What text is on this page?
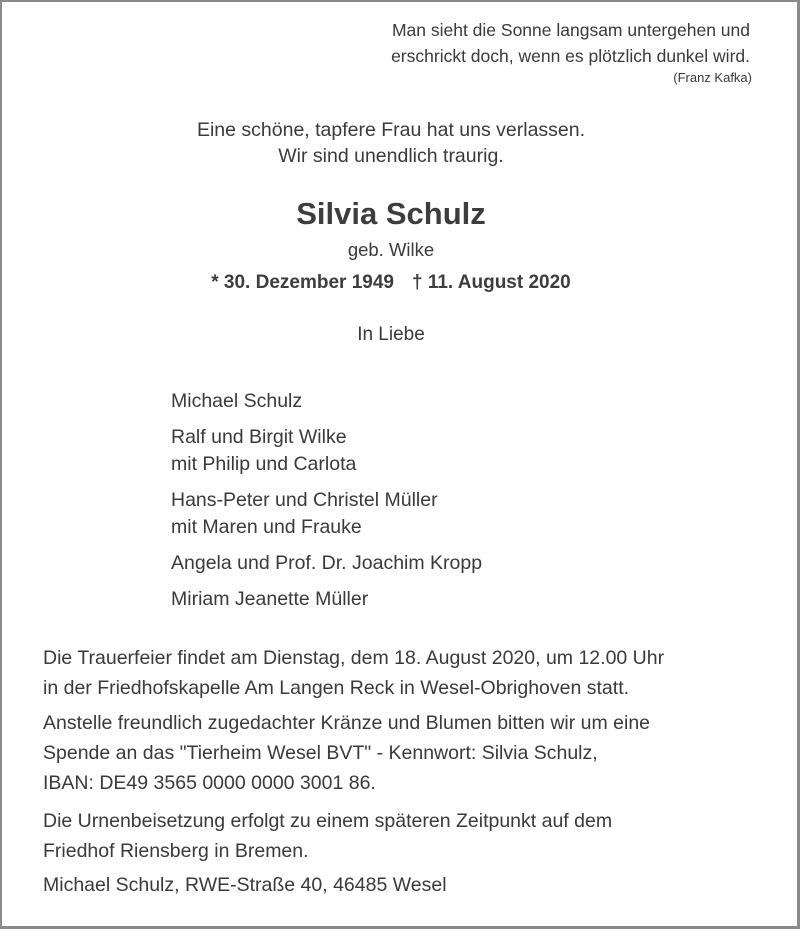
Man sieht die Sonne langsam untergehen und
erschrickt doch, wenn es plötzlich dunkel wird.
(Franz Kafka)
Eine schöne, tapfere Frau hat uns verlassen.
Wir sind unendlich traurig.
Silvia Schulz
geb. Wilke
* 30. Dezember 1949 † 11. August 2020
In Liebe
Michael Schulz
Ralf und Birgit Wilke
mit Philip und Carlota
Hans-Peter und Christel Müller
mit Maren und Frauke
Angela und Prof. Dr. Joachim Kropp
Miriam Jeanette Müller
Die Trauerfeier findet am Dienstag, dem 18. August 2020, um 12.00 Uhr
in der Friedhofskapelle Am Langen Reck in Wesel-Obrighoven statt.
Anstelle freundlich zugedachter Kränze und Blumen bitten wir um eine
Spende an das "Tierheim Wesel BVT" - Kennwort: Silvia Schulz,
IBAN: DE49 3565 0000 0000 3001 86.
Die Urnenbeisetzung erfolgt zu einem späteren Zeitpunkt auf dem
Friedhof Riensberg in Bremen.
Michael Schulz, RWE-Straße 40, 46485 Wesel
